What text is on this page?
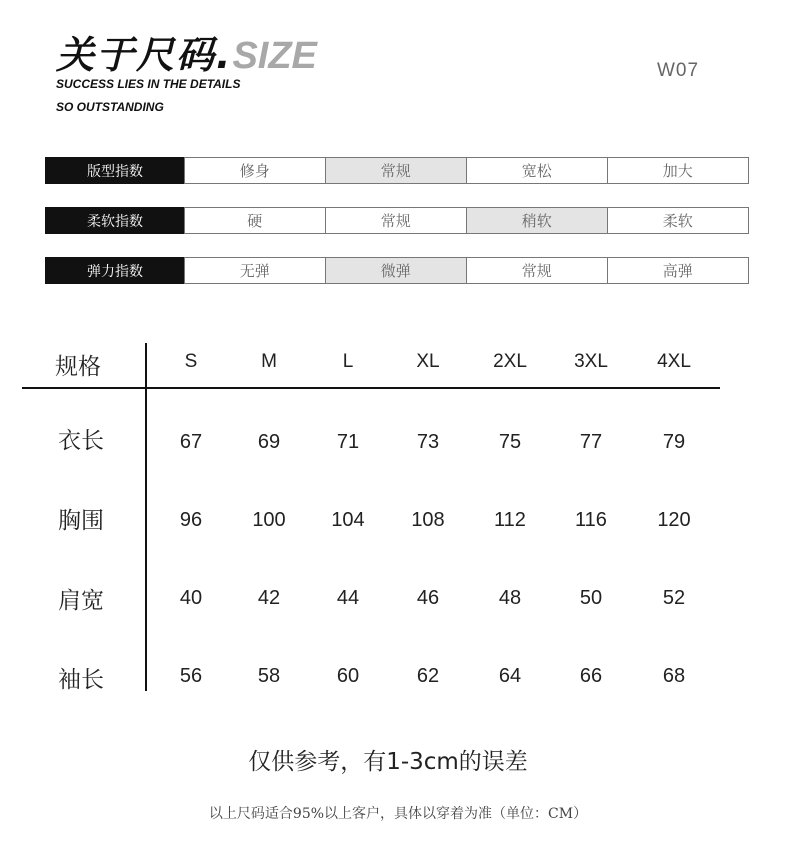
关于尺码. SIZE
SUCCESS LIES IN THE DETAILS
SO OUTSTANDING
W07
版型指数	修身	常规	宽松	加大
柔软指数	硬	常规	稍软	柔软
弹力指数	无弹	微弹	常规	高弹
规格	S	M	L	XL	2XL	3XL	4XL
衣长	67	69	71	73	75	77	79
胸围	96	100	104	108	112	116	120
肩宽	40	42	44	46	48	50	52
袖长	56	58	60	62	64	66	68
仅供参考，有1-3cm的误差
以上尺码适合95%以上客户，具体以穿着为准（单位：CM）
